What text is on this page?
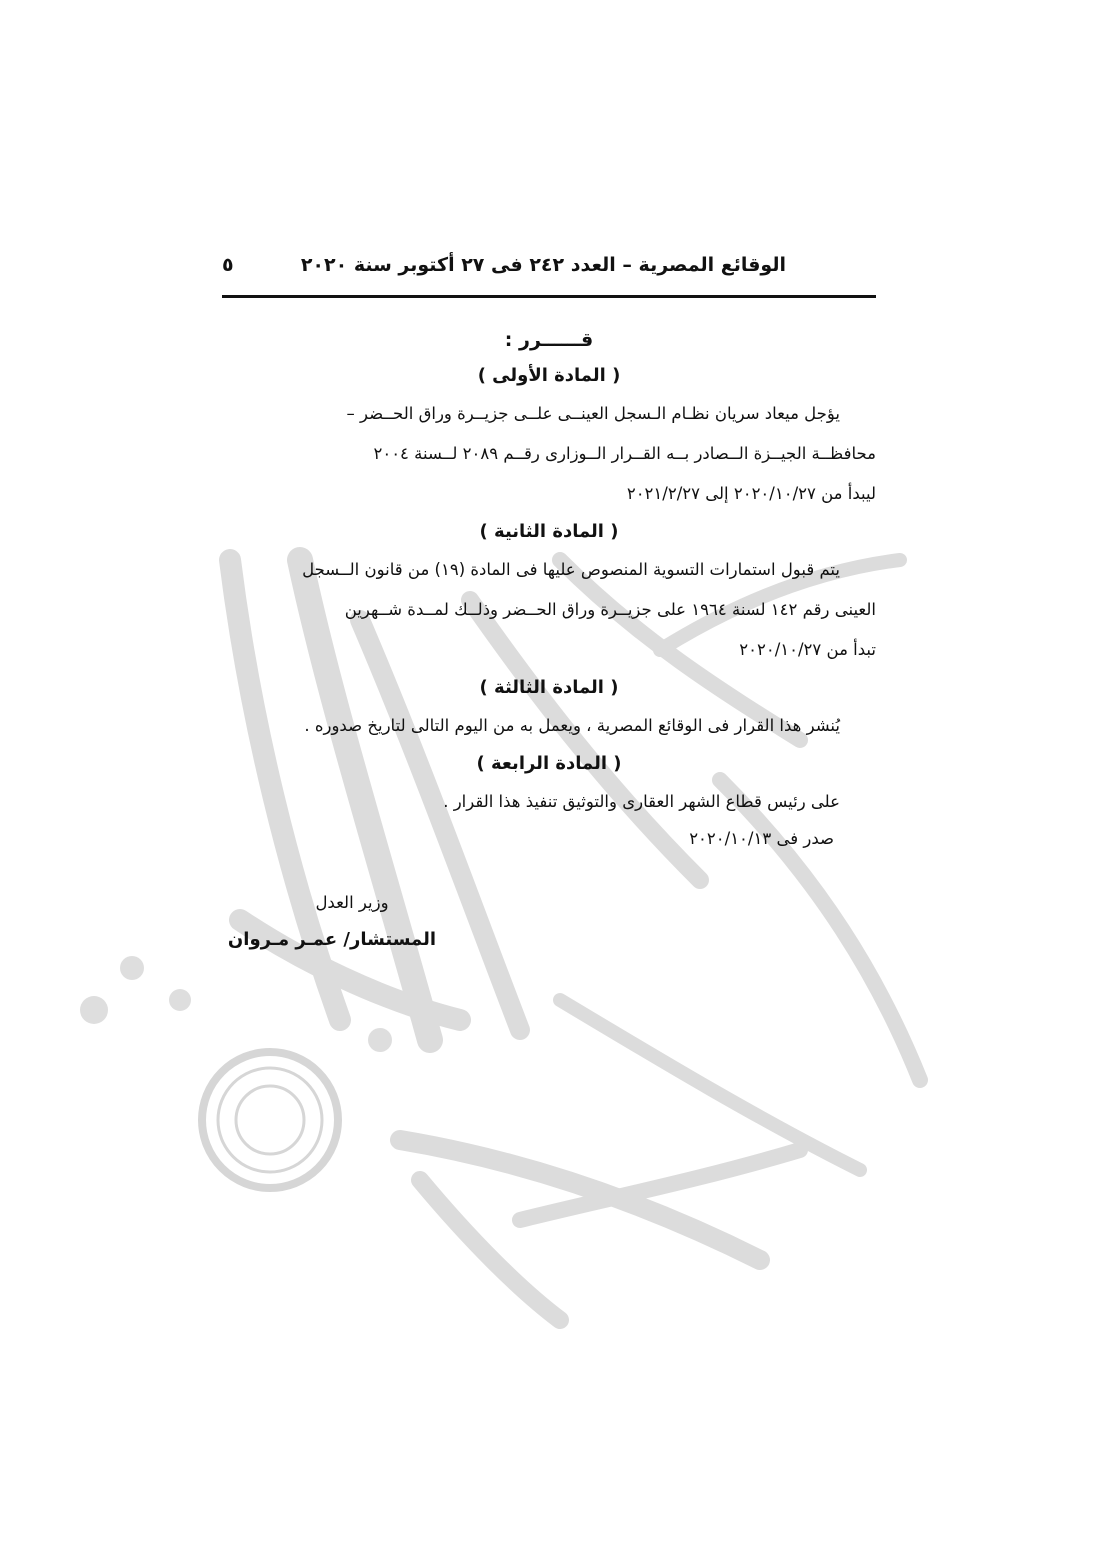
الوقائع المصرية – العدد ٢٤٢ فى ٢٧ أكتوبر سنة ٢٠٢٠
٥
قــــــرر :
( المادة الأولى )
يؤجل ميعاد سريان نظـام الـسجل العينــى علــى جزيــرة وراق الحــضر –
محافظــة الجيــزة الــصادر بــه القــرار الــوزارى رقــم ٢٠٨٩ لــسنة ٢٠٠٤
ليبدأ من ٢٠٢٠/١٠/٢٧ إلى ٢٠٢١/٢/٢٧
( المادة الثانية )
يتم قبول استمارات التسوية المنصوص عليها فى المادة (١٩) من قانون الــسجل
العينى رقم ١٤٢ لسنة ١٩٦٤ على جزيــرة وراق الحــضر وذلــك لمــدة شــهرين
تبدأ من ٢٠٢٠/١٠/٢٧
( المادة الثالثة )
يُنشر هذا القرار فى الوقائع المصرية ، ويعمل به من اليوم التالى لتاريخ صدوره .
( المادة الرابعة )
على رئيس قطاع الشهر العقارى والتوثيق تنفيذ هذا القرار .
صدر فى ٢٠٢٠/١٠/١٣
وزير العدل
المستشار/ عمـر مـروان
